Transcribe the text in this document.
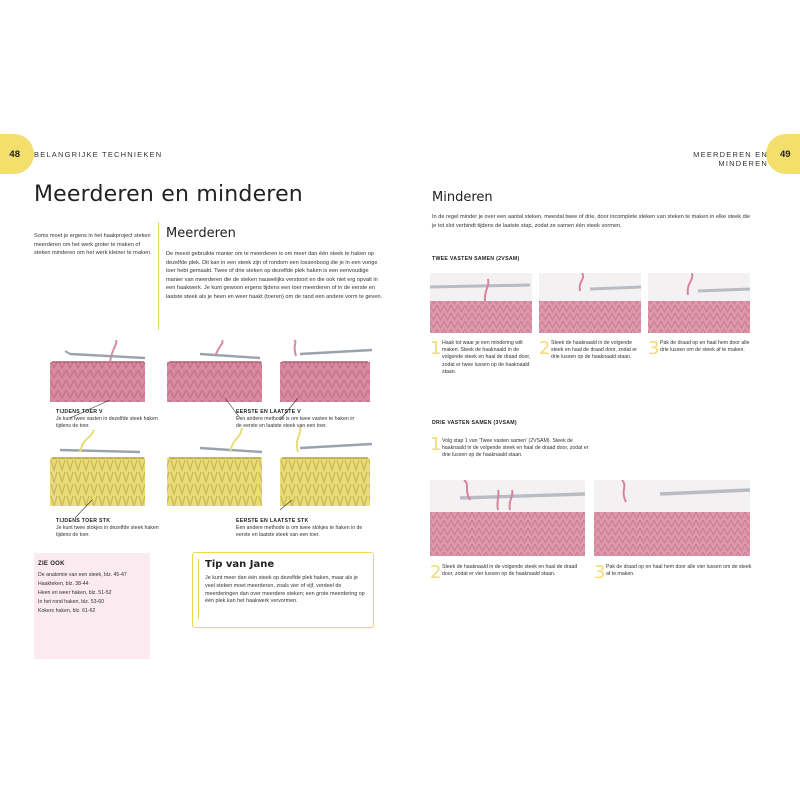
48	BELANGRIJKE TECHNIEKEN
Meerderen en minderen
Soms moet je ergens in het haakproject steken meerderen om het werk groter te maken of steken minderen om het werk kleiner te maken.
Meerderen
De meest gebruikte manier om te meerderen is om meer dan één steek te haken op dezelfde plek. Dit kan in een steek zijn of rondom een lossenboog die je in een vorige toer hebt gemaakt. Twee of drie steken op dezelfde plek haken is een eenvoudige manier van meerderen die de steken nauwelijks verstoort en die ook niet erg opvalt in een haakwerk. Je kunt gewoon ergens tijdens een toer meerderen of in de eerste en laatste steek als je heen en weer haakt (toeren) om de rand een andere vorm te geven.
TIJDENS TOER V
Je kunt twee vasten in dezelfde steek haken tijdens de toer.
EERSTE EN LAATSTE V
Een andere methode is om twee vasten te haken in de eerste en laatste steek van een toer.
TIJDENS TOER STK
Je kunt twee stokjes in dezelfde steek haken tijdens de toer.
EERSTE EN LAATSTE STK
Een andere methode is om twee stokjes te haken in de eerste en laatste steek van een toer.
ZIE OOK
De anatomie van een steek, blz. 45-47
Haakteken, blz. 38-44
Heen en weer haken, blz. 51-52
In het rond haken, blz. 53-60
Kokers haken, blz. 61-62
Tip van Jane
Je kunt meer dan één steek op dezelfde plek haken, maar als je veel steken moet meerderen, zoals vier of vijf, verdeel de meerderingen dan over meerdere steken; een grote meerdering op één plek kan het haakwerk vervormen.
49
MEERDEREN EN MINDEREN
Minderen
In de regel minder je over een aantal steken, meestal twee of drie, door incomplete steken van steken te maken in elke steek die je tot slot verbindt tijdens de laatste stap, zodat ze samen één steek vormen.
TWEE VASTEN SAMEN (2VSAM)
1 Haak tot waar je een mindering wilt maken. Steek de haaknaald in de volgende steek en haal de draad door, zodat er twee lussen op de haaknaald staan.
2 Steek de haaknaald in de volgende steek en haal de draad door, zodat er drie lussen op de haaknaald staan. 3 Pak de draad op en haal hem door alle drie lussen om de steek af te maken.
DRIE VASTEN SAMEN (3VSAM)
1 Volg stap 1 van 'Twee vasten samen' (2VSAM). Steek de haaknaald in de volgende steek en haal de draad door, zodat er drie lussen op de haaknaald staan.
2 Steek de haaknaald in de volgende steek en haal de draad door, zodat er vier lussen op de haaknaald staan.	3 Pak de draad op en haal hem door alle vier lussen om de steek af te maken.
